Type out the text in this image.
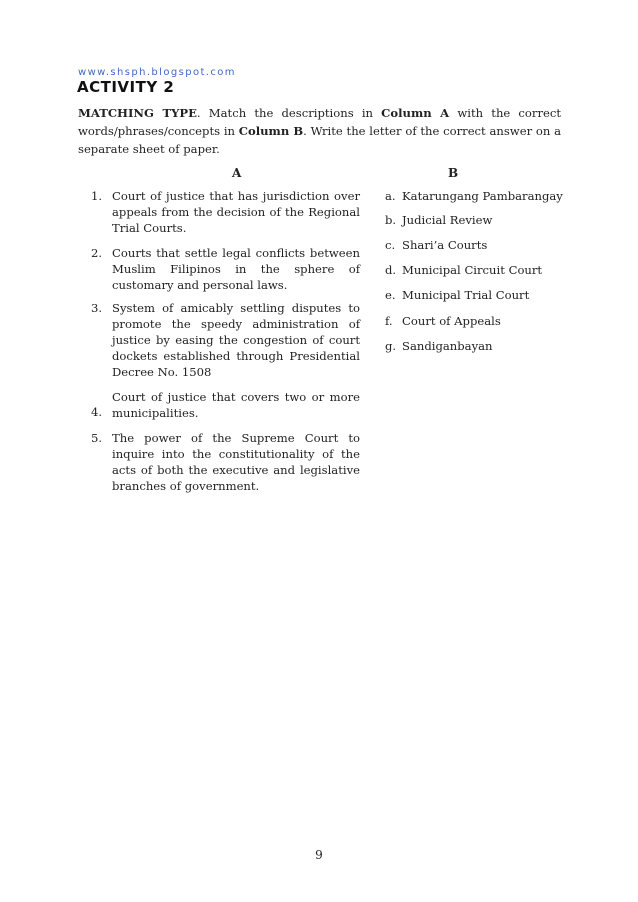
www.shsph.blogspot.com
ACTIVITY 2
MATCHING TYPE. Match the descriptions in Column A with the correct words/phrases/concepts in Column B. Write the letter of the correct answer on a separate sheet of paper.
A	B
1. Court of justice that has jurisdiction over appeals from the decision of the Regional Trial Courts.
2. Courts that settle legal conflicts between Muslim Filipinos in the sphere of customary and personal laws.
3. System of amicably settling disputes to promote the speedy administration of justice by easing the congestion of court dockets established through Presidential Decree No. 1508
4.
Court of justice that covers two or more municipalities.
5. The power of the Supreme Court to inquire into the constitutionality of the acts of both the executive and legislative branches of government.
a. Katarungang Pambarangay
b. Judicial Review
c. Shari’a Courts
d. Municipal Circuit Court
e. Municipal Trial Court
f. Court of Appeals
g. Sandiganbayan
9
